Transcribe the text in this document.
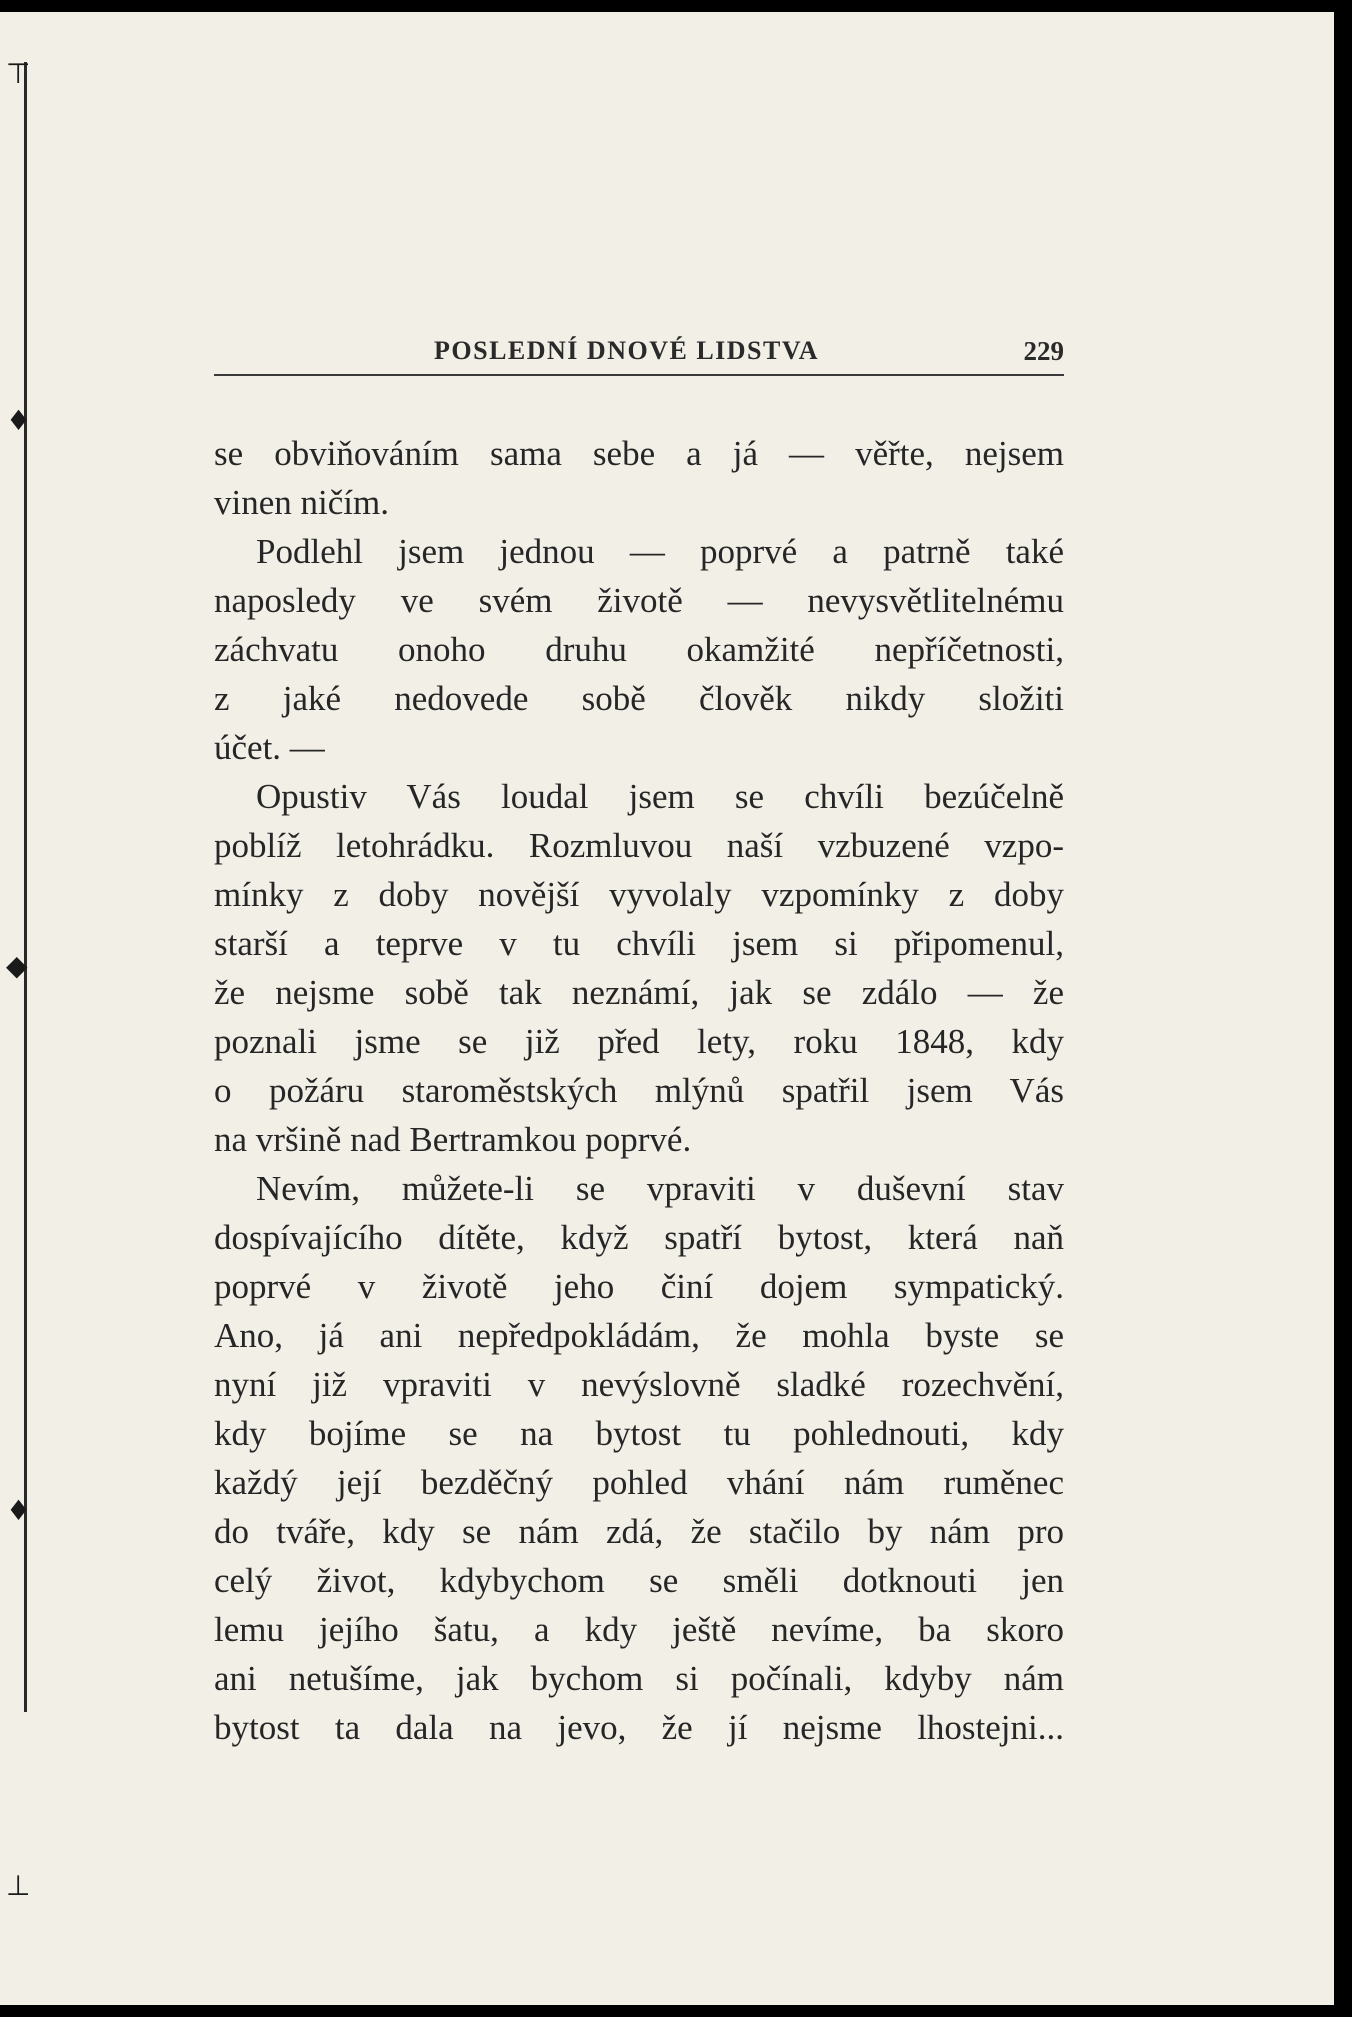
⊤
♦
◆
♦
⊥
POSLEDNÍ DNOVÉ LIDSTVA	229
se obviňováním sama sebe a já — věřte, nejsem
vinen ničím.
Podlehl jsem jednou — poprvé a patrně také
naposledy ve svém životě — nevysvětlitelnému
záchvatu onoho druhu okamžité nepříčetnosti,
z jaké nedovede sobě člověk nikdy složiti
účet. —
Opustiv Vás loudal jsem se chvíli bezúčelně
poblíž letohrádku. Rozmluvou naší vzbuzené vzpo-
mínky z doby novější vyvolaly vzpomínky z doby
starší a teprve v tu chvíli jsem si připomenul,
že nejsme sobě tak neznámí, jak se zdálo — že
poznali jsme se již před lety, roku 1848, kdy
o požáru staroměstských mlýnů spatřil jsem Vás
na vršině nad Bertramkou poprvé.
Nevím, můžete-li se vpraviti v duševní stav
dospívajícího dítěte, když spatří bytost, která naň
poprvé v životě jeho činí dojem sympatický.
Ano, já ani nepředpokládám, že mohla byste se
nyní již vpraviti v nevýslovně sladké rozechvění,
kdy bojíme se na bytost tu pohlednouti, kdy
každý její bezděčný pohled vhání nám ruměnec
do tváře, kdy se nám zdá, že stačilo by nám pro
celý život, kdybychom se směli dotknouti jen
lemu jejího šatu, a kdy ještě nevíme, ba skoro
ani netušíme, jak bychom si počínali, kdyby nám
bytost ta dala na jevo, že jí nejsme lhostejni...
